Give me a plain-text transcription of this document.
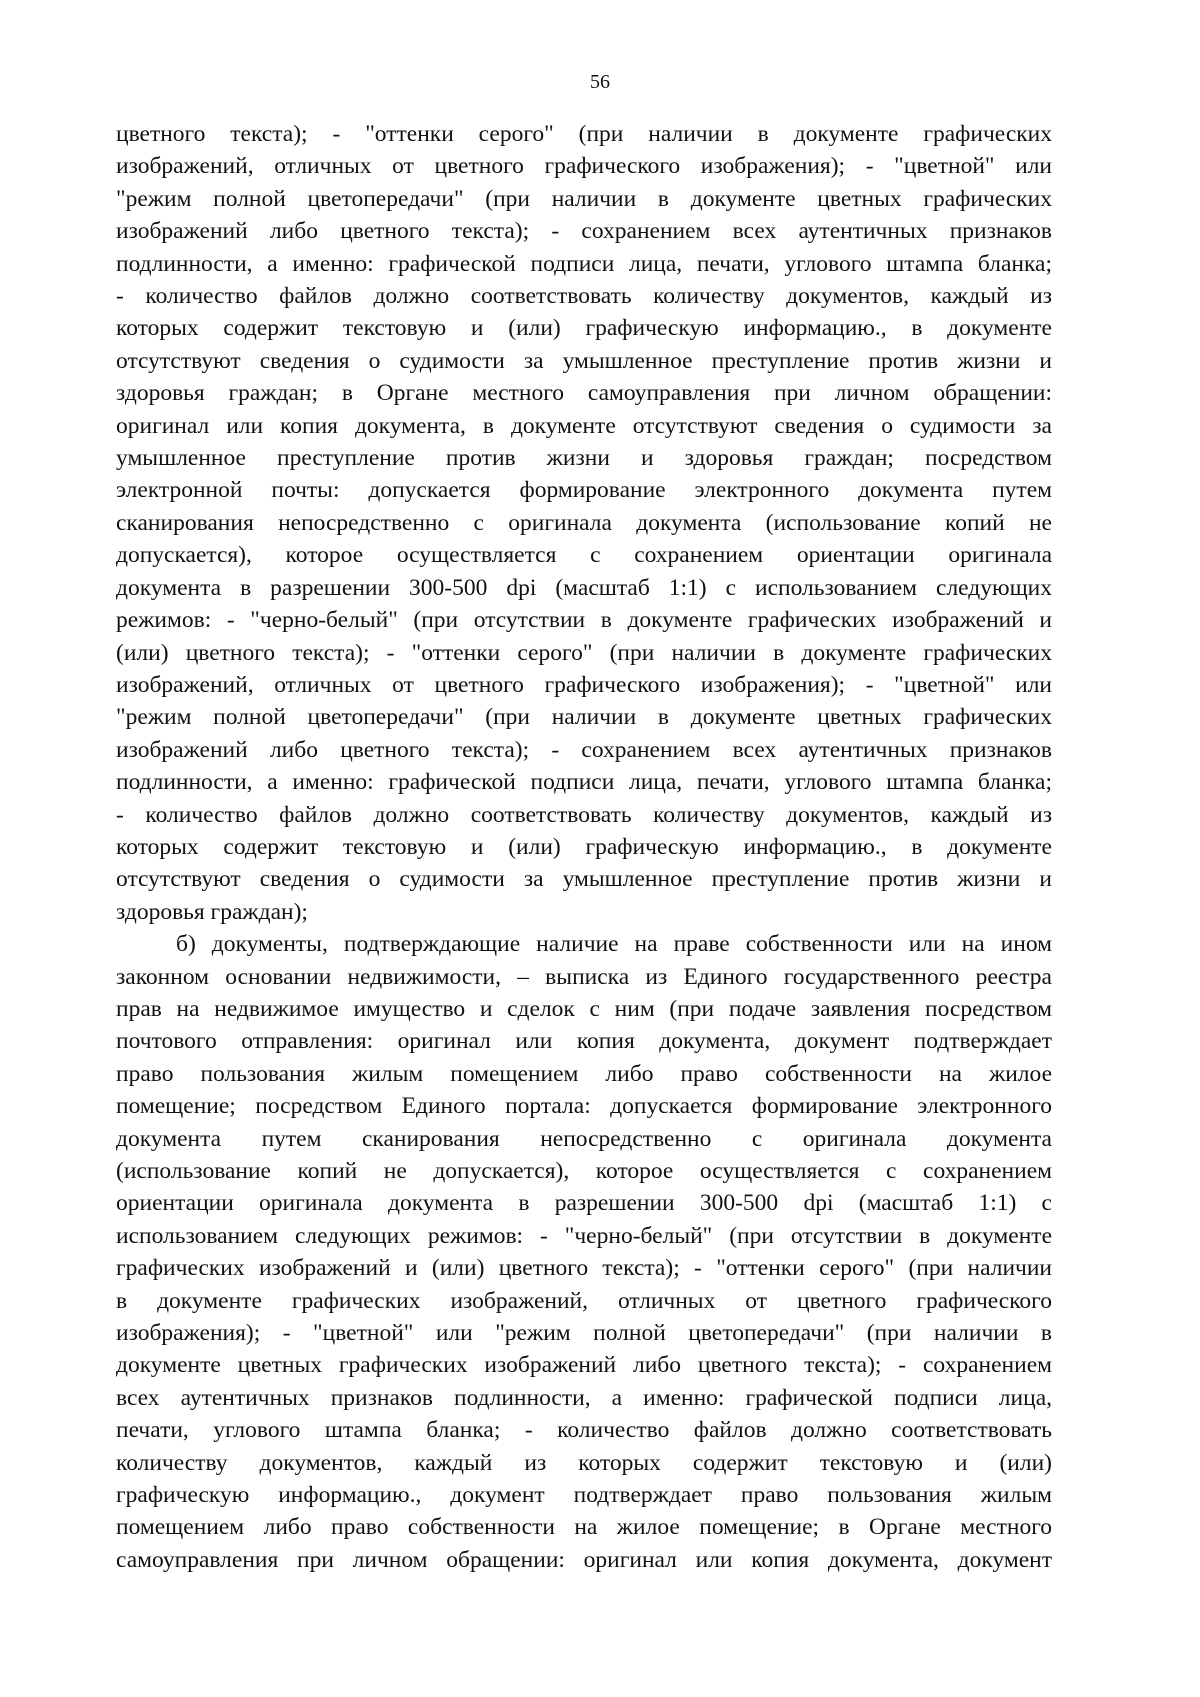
56
цветного текста); - "оттенки серого" (при наличии в документе графических
изображений, отличных от цветного графического изображения); - "цветной" или
"режим полной цветопередачи" (при наличии в документе цветных графических
изображений либо цветного текста); - сохранением всех аутентичных признаков
подлинности, а именно: графической подписи лица, печати, углового штампа бланка;
- количество файлов должно соответствовать количеству документов, каждый из
которых содержит текстовую и (или) графическую информацию., в документе
отсутствуют сведения о судимости за умышленное преступление против жизни и
здоровья граждан; в Органе местного самоуправления при личном обращении:
оригинал или копия документа, в документе отсутствуют сведения о судимости за
умышленное преступление против жизни и здоровья граждан; посредством
электронной почты: допускается формирование электронного документа путем
сканирования непосредственно с оригинала документа (использование копий не
допускается), которое осуществляется с сохранением ориентации оригинала
документа в разрешении 300-500 dpi (масштаб 1:1) с использованием следующих
режимов: - "черно-белый" (при отсутствии в документе графических изображений и
(или) цветного текста); - "оттенки серого" (при наличии в документе графических
изображений, отличных от цветного графического изображения); - "цветной" или
"режим полной цветопередачи" (при наличии в документе цветных графических
изображений либо цветного текста); - сохранением всех аутентичных признаков
подлинности, а именно: графической подписи лица, печати, углового штампа бланка;
- количество файлов должно соответствовать количеству документов, каждый из
которых содержит текстовую и (или) графическую информацию., в документе
отсутствуют сведения о судимости за умышленное преступление против жизни и
здоровья граждан);
б) документы, подтверждающие наличие на праве собственности или на ином
законном основании недвижимости, – выписка из Единого государственного реестра
прав на недвижимое имущество и сделок с ним (при подаче заявления посредством
почтового отправления: оригинал или копия документа, документ подтверждает
право пользования жилым помещением либо право собственности на жилое
помещение; посредством Единого портала: допускается формирование электронного
документа путем сканирования непосредственно с оригинала документа
(использование копий не допускается), которое осуществляется с сохранением
ориентации оригинала документа в разрешении 300-500 dpi (масштаб 1:1) с
использованием следующих режимов: - "черно-белый" (при отсутствии в документе
графических изображений и (или) цветного текста); - "оттенки серого" (при наличии
в документе графических изображений, отличных от цветного графического
изображения); - "цветной" или "режим полной цветопередачи" (при наличии в
документе цветных графических изображений либо цветного текста); - сохранением
всех аутентичных признаков подлинности, а именно: графической подписи лица,
печати, углового штампа бланка; - количество файлов должно соответствовать
количеству документов, каждый из которых содержит текстовую и (или)
графическую информацию., документ подтверждает право пользования жилым
помещением либо право собственности на жилое помещение; в Органе местного
самоуправления при личном обращении: оригинал или копия документа, документ
